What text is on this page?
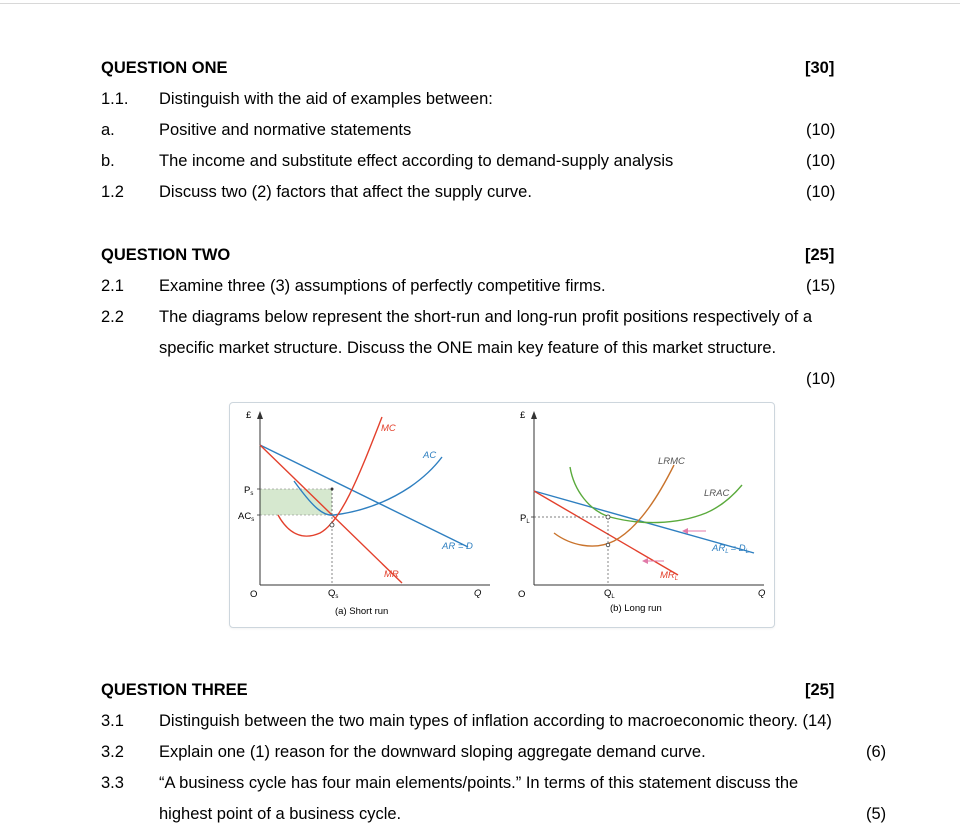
QUESTION ONE	[30]
1.1. Distinguish with the aid of examples between:
a.	Positive and normative statements	(10)
b.	The income and substitute effect according to demand-supply analysis	(10)
1.2 Discuss two (2) factors that affect the supply curve.	(10)
QUESTION TWO	[25]
2.1 Examine three (3) assumptions of perfectly competitive firms.	(15)
2.2 The diagrams below represent the short-run and long-run profit positions respectively of a
specific market structure. Discuss the ONE main key feature of this market structure.
(10)
£
$P_s$
$AC_s$
O	$Q_s$	Q
MC
AC
AR = D
MR
(a) Short run
£
$P_L$
O	$Q_L$	Q
LRMC
LRAC
$AR_L = D_L$
$MR_L$
(b) Long run
QUESTION THREE	[25]
3.1 Distinguish between the two main types of inflation according to macroeconomic theory. (14)
3.2 Explain one (1) reason for the downward sloping aggregate demand curve.	(6)
3.3 “A business cycle has four main elements/points.” In terms of this statement discuss the
highest point of a business cycle.	(5)
